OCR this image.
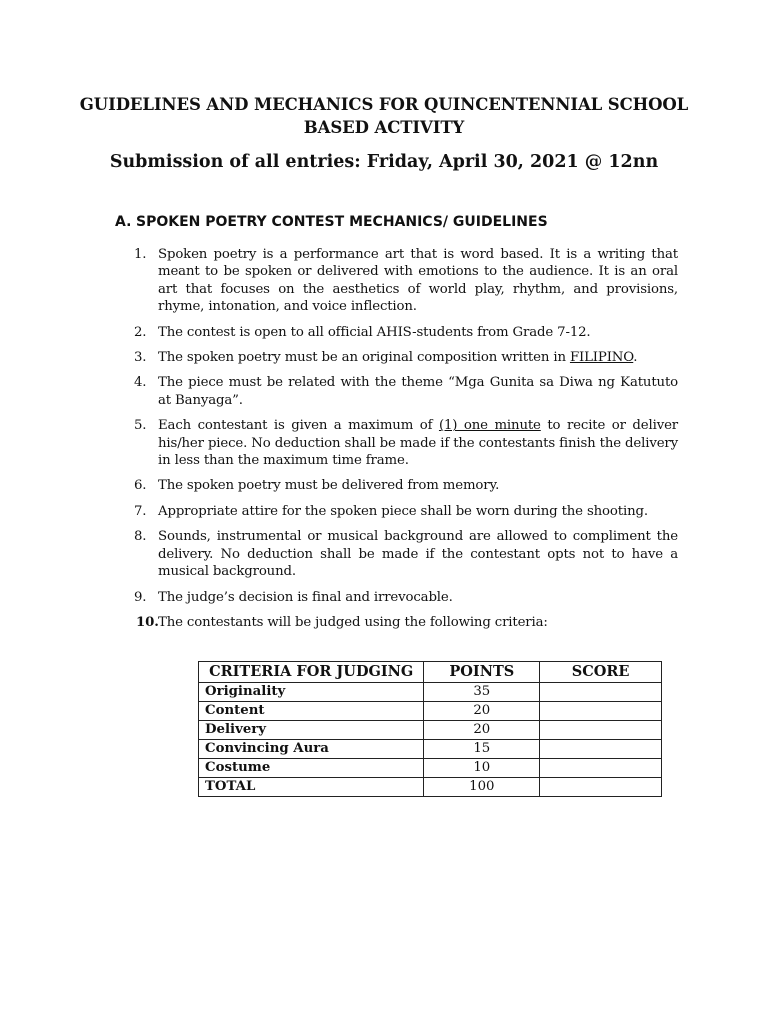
GUIDELINES AND MECHANICS FOR QUINCENTENNIAL SCHOOL
BASED ACTIVITY
Submission of all entries: Friday, April 30, 2021 @ 12nn
A. SPOKEN POETRY CONTEST MECHANICS/ GUIDELINES
1. Spoken poetry is a performance art that is word based. It is a writing that meant to be spoken or delivered with emotions to the audience. It is an oral art that focuses on the aesthetics of world play, rhythm, and provisions, rhyme, intonation, and voice inflection.
2. The contest is open to all official AHIS-students from Grade 7-12.
3. The spoken poetry must be an original composition written in FILIPINO.
4. The piece must be related with the theme “Mga Gunita sa Diwa ng Katututo at Banyaga”.
5. Each contestant is given a maximum of (1) one minute to recite or deliver his/her piece. No deduction shall be made if the contestants finish the delivery in less than the maximum time frame.
6. The spoken poetry must be delivered from memory.
7. Appropriate attire for the spoken piece shall be worn during the shooting.
8. Sounds, instrumental or musical background are allowed to compliment the delivery. No deduction shall be made if the contestant opts not to have a musical background.
9. The judge’s decision is final and irrevocable.
10. The contestants will be judged using the following criteria:
CRITERIA FOR JUDGING	POINTS	SCORE
Originality	35	
Content	20	
Delivery	20	
Convincing Aura	15	
Costume	10	
TOTAL	100	
